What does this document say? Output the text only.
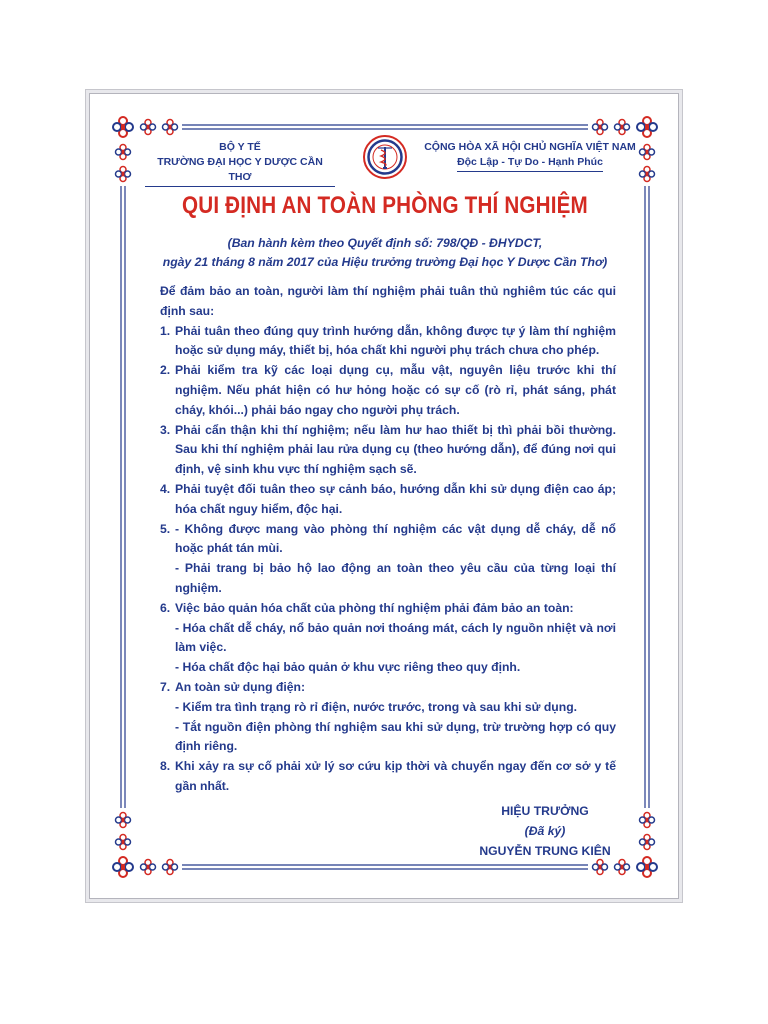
BỘ Y TẾ
TRƯỜNG ĐẠI HỌC Y DƯỢC CẦN THƠ
CỘNG HÒA XÃ HỘI CHỦ NGHĨA VIỆT NAM
Độc Lập - Tự Do - Hạnh Phúc
QUI ĐỊNH AN TOÀN PHÒNG THÍ NGHIỆM
(Ban hành kèm theo Quyết định số: 798/QĐ - ĐHYDCT,
ngày 21 tháng 8 năm 2017 của Hiệu trưởng trường Đại học Y Dược Cần Thơ)

Để đảm bảo an toàn, người làm thí nghiệm phải tuân thủ nghiêm túc các qui định sau:

1. Phải tuân theo đúng quy trình hướng dẫn, không được tự ý làm thí nghiệm hoặc sử dụng máy, thiết bị, hóa chất khi người phụ trách chưa cho phép.
2. Phải kiểm tra kỹ các loại dụng cụ, mẫu vật, nguyên liệu trước khi thí nghiệm. Nếu phát hiện có hư hỏng hoặc có sự cố (rò rỉ, phát sáng, phát cháy, khói...) phải báo ngay cho người phụ trách.
3. Phải cẩn thận khi thí nghiệm; nếu làm hư hao thiết bị thì phải bồi thường. Sau khi thí nghiệm phải lau rửa dụng cụ (theo hướng dẫn), để đúng nơi qui định, vệ sinh khu vực thí nghiệm sạch sẽ.
4. Phải tuyệt đối tuân theo sự cảnh báo, hướng dẫn khi sử dụng điện cao áp; hóa chất nguy hiểm, độc hại.
5. - Không được mang vào phòng thí nghiệm các vật dụng dễ cháy, dễ nổ hoặc phát tán mùi.
- Phải trang bị bảo hộ lao động an toàn theo yêu cầu của từng loại thí nghiệm.
6. Việc bảo quản hóa chất của phòng thí nghiệm phải đảm bảo an toàn:
- Hóa chất dễ cháy, nổ bảo quản nơi thoáng mát, cách ly nguồn nhiệt và nơi làm việc.
- Hóa chất độc hại bảo quản ở khu vực riêng theo quy định.
7. An toàn sử dụng điện:
- Kiểm tra tình trạng rò rỉ điện, nước trước, trong và sau khi sử dụng.
- Tắt nguồn điện phòng thí nghiệm sau khi sử dụng, trừ trường hợp có quy định riêng.
8. Khi xảy ra sự cố phải xử lý sơ cứu kịp thời và chuyển ngay đến cơ sở y tế gần nhất.
HIỆU TRƯỞNG
(Đã ký)
NGUYỄN TRUNG KIÊN
